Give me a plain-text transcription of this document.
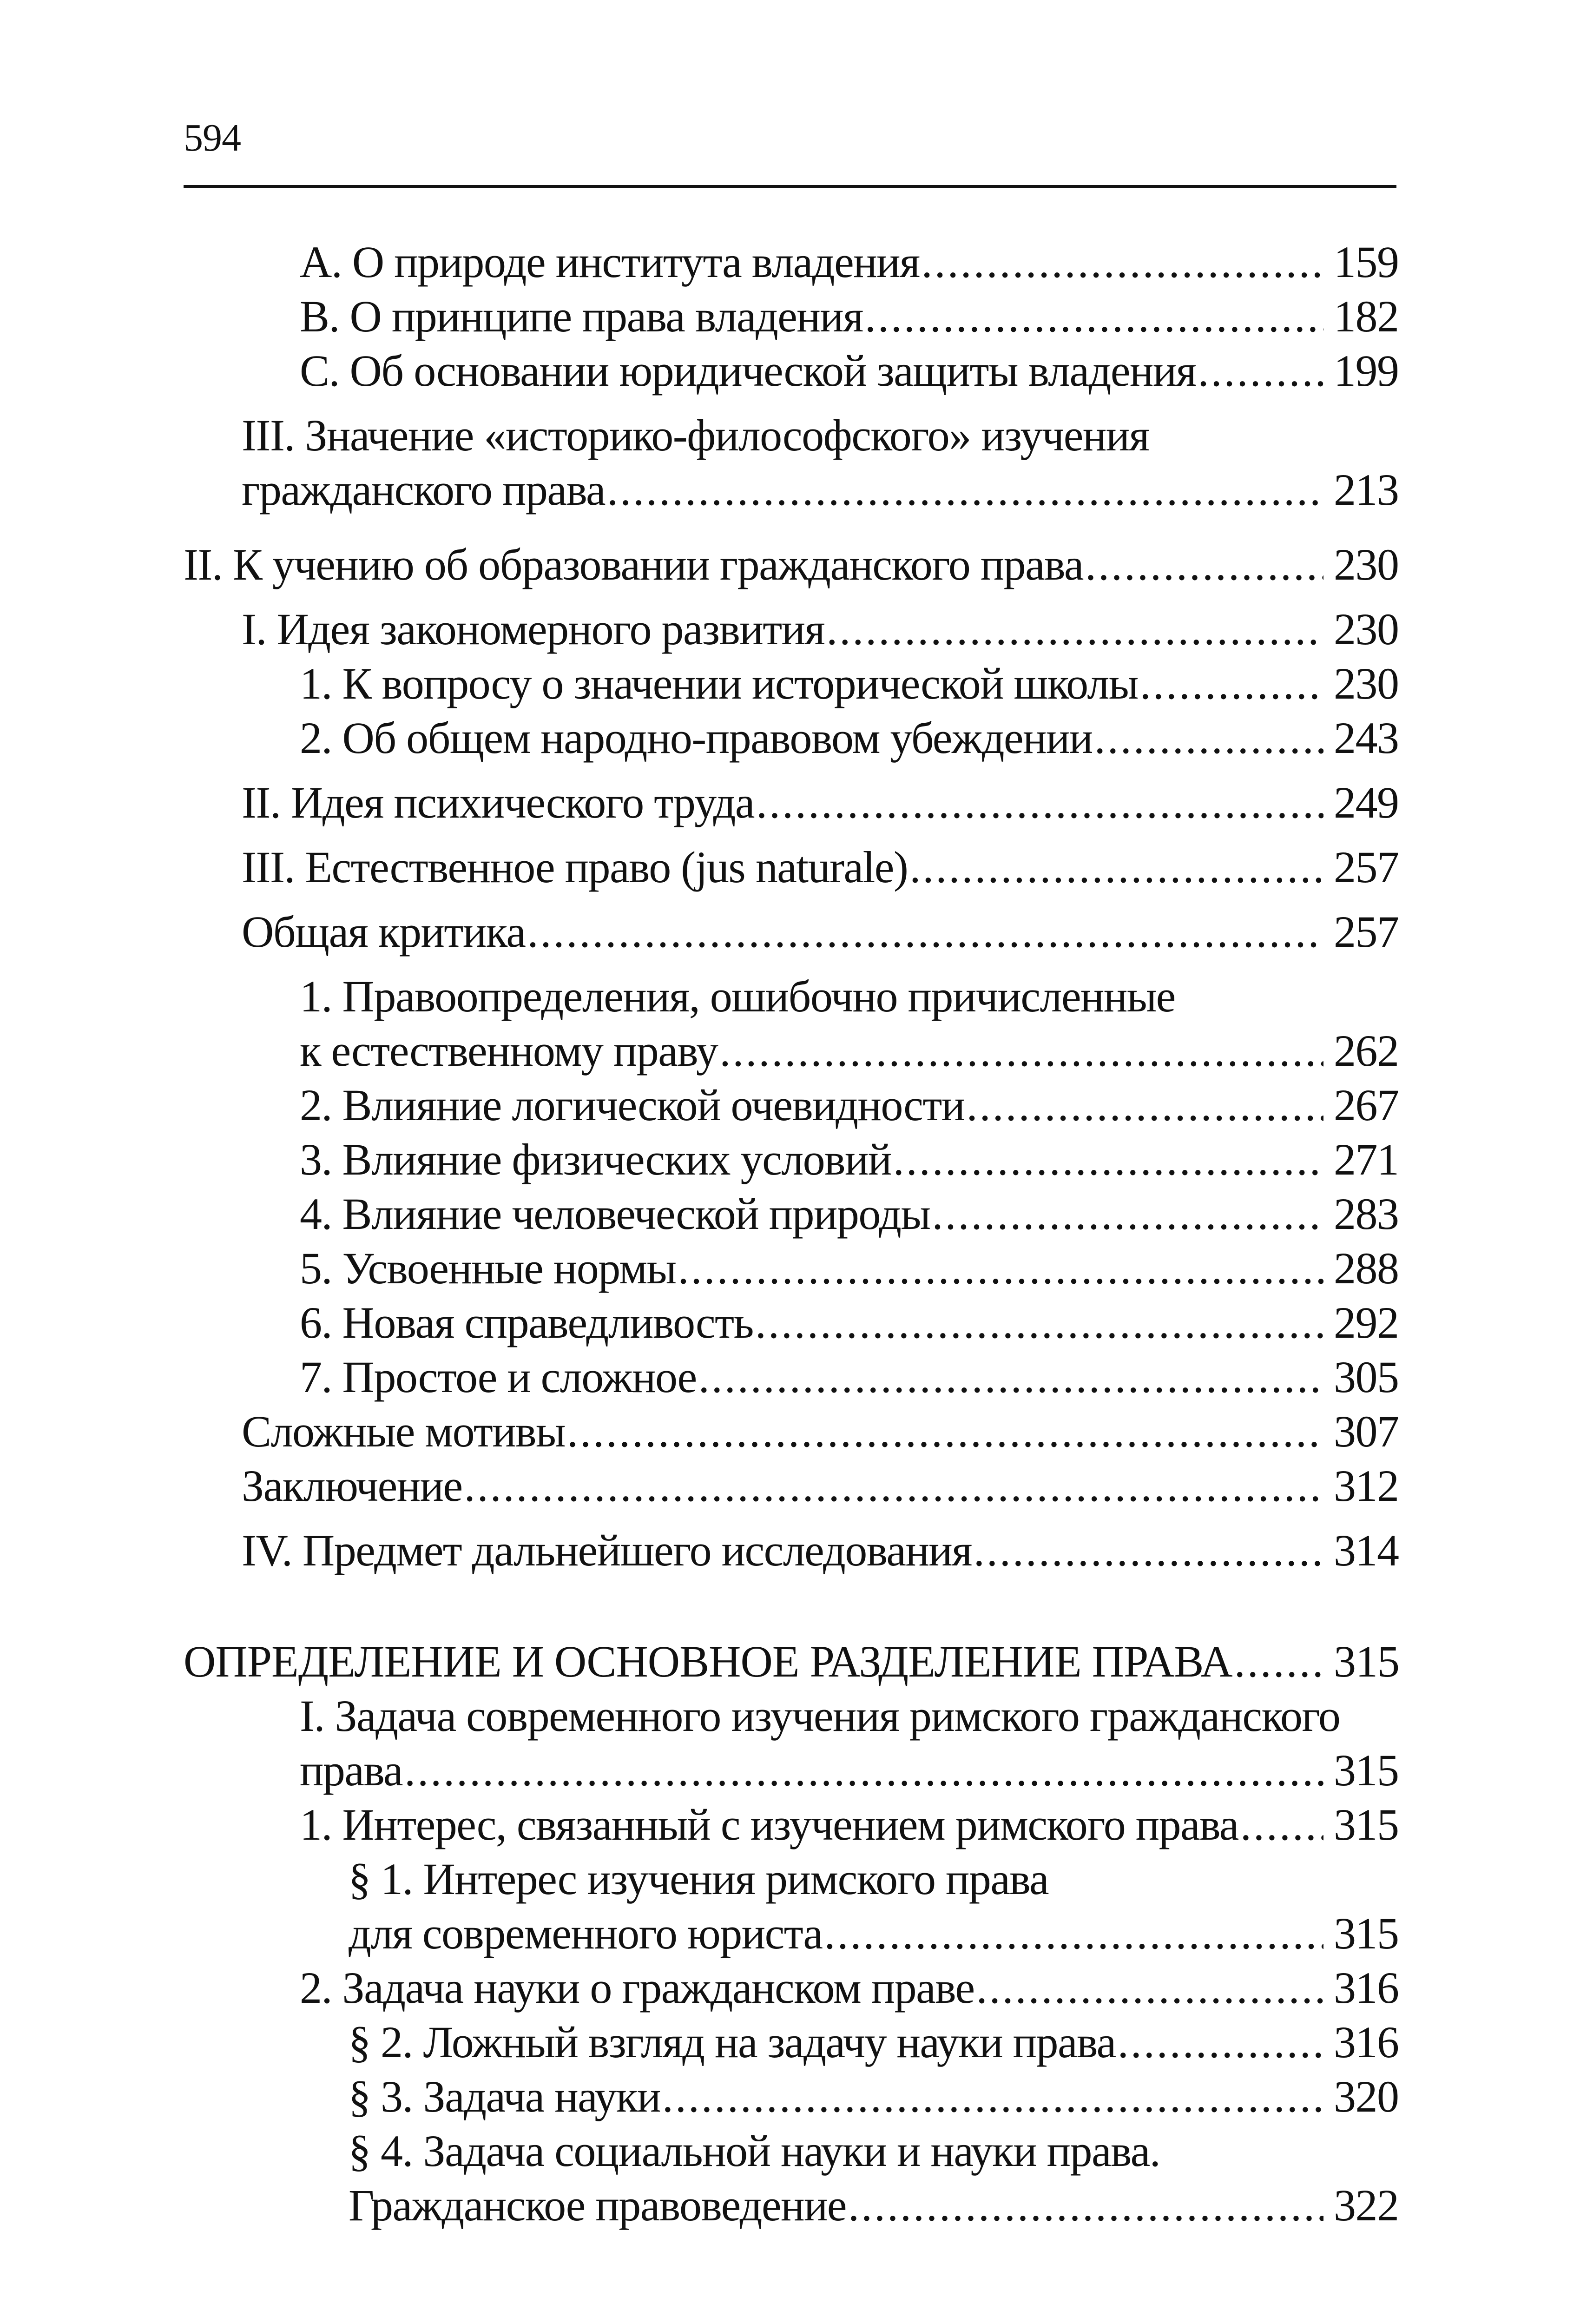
594
А. О природе института владения . . .	159
В. О принципе права владения . . .	182
С. Об основании юридической защиты владения . . .	199
III. Значение «историко-философского» изучения
гражданского права . . .	213
II. К учению об образовании гражданского права . . .	230
I. Идея закономерного развития . . .	230
1. К вопросу о значении исторической школы . . .	230
2. Об общем народно-правовом убеждении . . .	243
II. Идея психического труда . . .	249
III. Естественное право (jus naturale) . . .	257
Общая критика . . .	257
1. Правоопределения, ошибочно причисленные
к естественному праву . . .	262
2. Влияние логической очевидности . . .	267
3. Влияние физических условий . . .	271
4. Влияние человеческой природы . . .	283
5. Усвоенные нормы . . .	288
6. Новая справедливость . . .	292
7. Простое и сложное . . .	305
Сложные мотивы . . .	307
Заключение . . .	312
IV. Предмет дальнейшего исследования . . .	314
ОПРЕДЕЛЕНИЕ И ОСНОВНОЕ РАЗДЕЛЕНИЕ ПРАВА . . . 315
I. Задача современного изучения римского гражданского
права . . .	315
1. Интерес, связанный с изучением римского права . . . 315
§ 1. Интерес изучения римского права
для современного юриста . . .	315
2. Задача науки о гражданском праве . . .	316
§ 2. Ложный взгляд на задачу науки права . . .	316
§ 3. Задача науки . . .	320
§ 4. Задача социальной науки и науки права.
Гражданское правоведение . . .	322
